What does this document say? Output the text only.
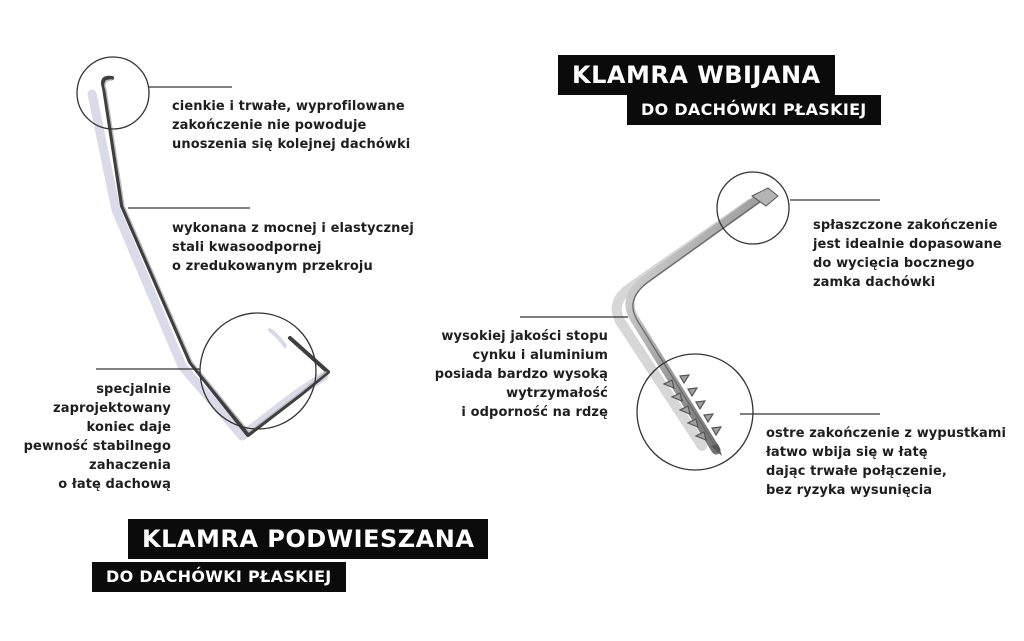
KLAMRA WBIJANA
DO DACHÓWKI PŁASKIEJ
KLAMRA PODWIESZANA
DO DACHÓWKI PŁASKIEJ
cienkie i trwałe, wyprofilowane
zakończenie nie powoduje
unoszenia się kolejnej dachówki
wykonana z mocnej i elastycznej
stali kwasoodpornej
o zredukowanym przekroju
specjalnie
zaprojektowany
koniec daje
pewność stabilnego
zahaczenia
o łatę dachową
spłaszczone zakończenie
jest idealnie dopasowane
do wycięcia bocznego
zamka dachówki
wysokiej jakości stopu
cynku i aluminium
posiada bardzo wysoką
wytrzymałość
i odporność na rdzę
ostre zakończenie z wypustkami
łatwo wbija się w łatę
dając trwałe połączenie,
bez ryzyka wysunięcia
